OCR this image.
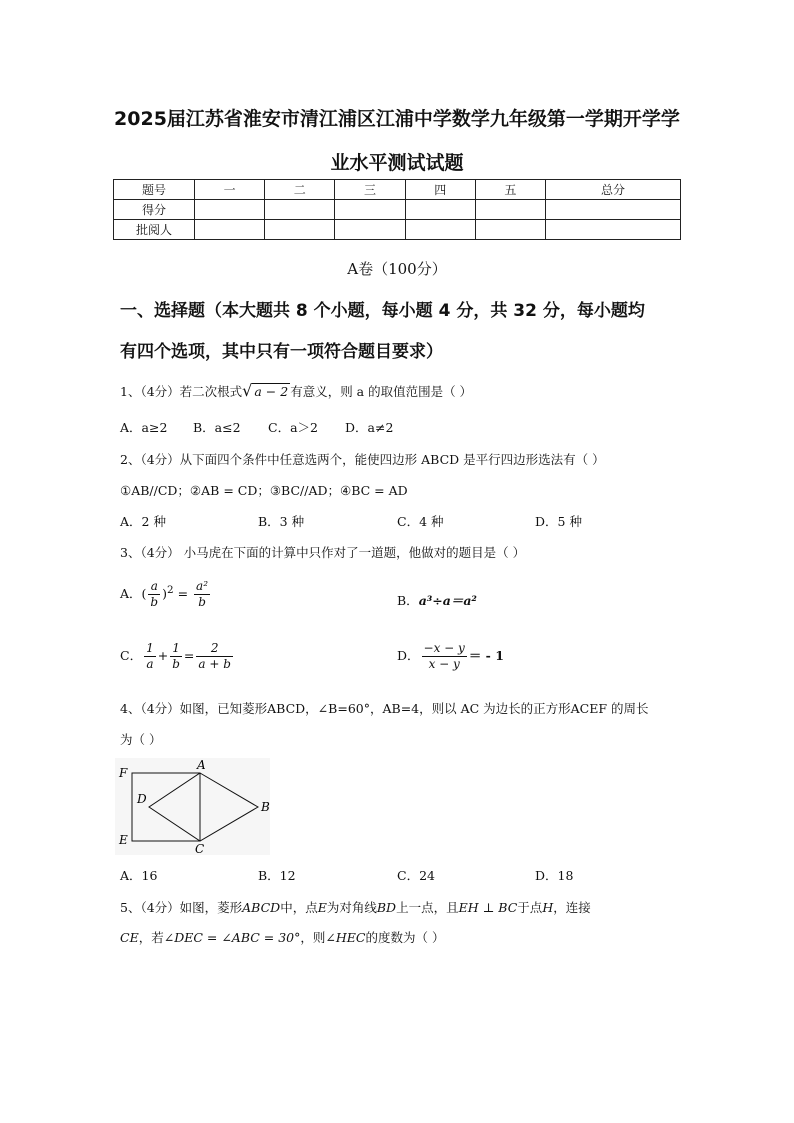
2025届江苏省淮安市清江浦区江浦中学数学九年级第一学期开学学
业水平测试试题
题号	一	二	三	四	五	总分
得分						
批阅人						
A卷（100分）
一、选择题（本大题共 8 个小题，每小题 4 分，共 32 分，每小题均
有四个选项，其中只有一项符合题目要求）
1、（4分）若二次根式√ a − 2 有意义，则 a 的取值范围是（ ）
A．a≥2 B．a≤2 C．a＞2 D．a≠2
2、（4分）从下面四个条件中任意选两个，能使四边形 ABCD 是平行四边形选法有（ ）
①AB//CD；②AB = CD；③BC//AD；④BC = AD
A．2 种	B．3 种	C．4 种	D．5 种
3、（4分） 小马虎在下面的计算中只作对了一道题，他做对的题目是（ ）
A．( $\frac{a}{b} )^2 = \frac{\text{a²}}{b}$	B．a³÷a＝a²
C． $\frac{1}{a} + \frac{1}{b} = \frac{2}{a + b}$	D． $\frac{-x - y}{x - y}$ ＝ - 1
4、（4分）如图，已知菱形ABCD，∠B=60°，AB=4，则以 AC 为边长的正方形ACEF 的周长
为（ ）
F
A
D
B
E
C
A．16	B．12	C．24	D．18
5、（4分）如图，菱形ABCD中，点E为对角线BD上一点，且EH ⊥ BC于点H，连接
CE，若∠DEC = ∠ABC = 30°，则∠HEC的度数为（ ）
